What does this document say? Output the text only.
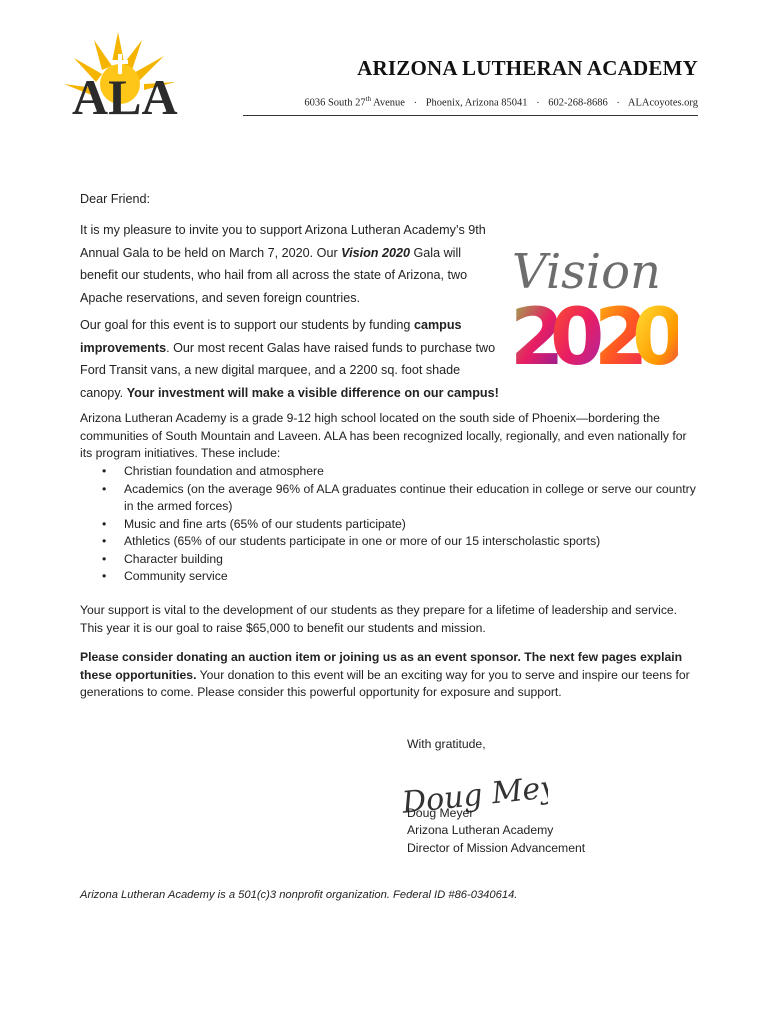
ALA
ARIZONA LUTHERAN ACADEMY
6036 South 27th Avenue · Phoenix, Arizona 85041 · 602-268-8686 · ALAcoyotes.org
Vision
2
0
2
0

Dear Friend:

It is my pleasure to invite you to support Arizona Lutheran Academy’s 9th Annual Gala to be held on March 7, 2020. Our Vision 2020 Gala will benefit our students, who hail from all across the state of Arizona, two Apache reservations, and seven foreign countries.

Our goal for this event is to support our students by funding campus improvements. Our most recent Galas have raised funds to purchase two Ford Transit vans, a new digital marquee, and a 2200 sq. foot shade canopy. Your investment will make a visible difference on our campus!

Arizona Lutheran Academy is a grade 9-12 high school located on the south side of Phoenix—bordering the communities of South Mountain and Laveen. ALA has been recognized locally, regionally, and even nationally for its program initiatives. These include:

• Christian foundation and atmosphere
• Academics (on the average 96% of ALA graduates continue their education in college or serve our country in the armed forces)
• Music and fine arts (65% of our students participate)
• Athletics (65% of our students participate in one or more of our 15 interscholastic sports)
• Character building
• Community service

Your support is vital to the development of our students as they prepare for a lifetime of leadership and service. This year it is our goal to raise $65,000 to benefit our students and mission.

Please consider donating an auction item or joining us as an event sponsor. The next few pages explain these opportunities. Your donation to this event will be an exciting way for you to serve and inspire our teens for generations to come. Please consider this powerful opportunity for exposure and support.

With gratitude,
Doug Meyer
Doug Meyer
Arizona Lutheran Academy
Director of Mission Advancement
Arizona Lutheran Academy is a 501(c)3 nonprofit organization. Federal ID #86-0340614.
